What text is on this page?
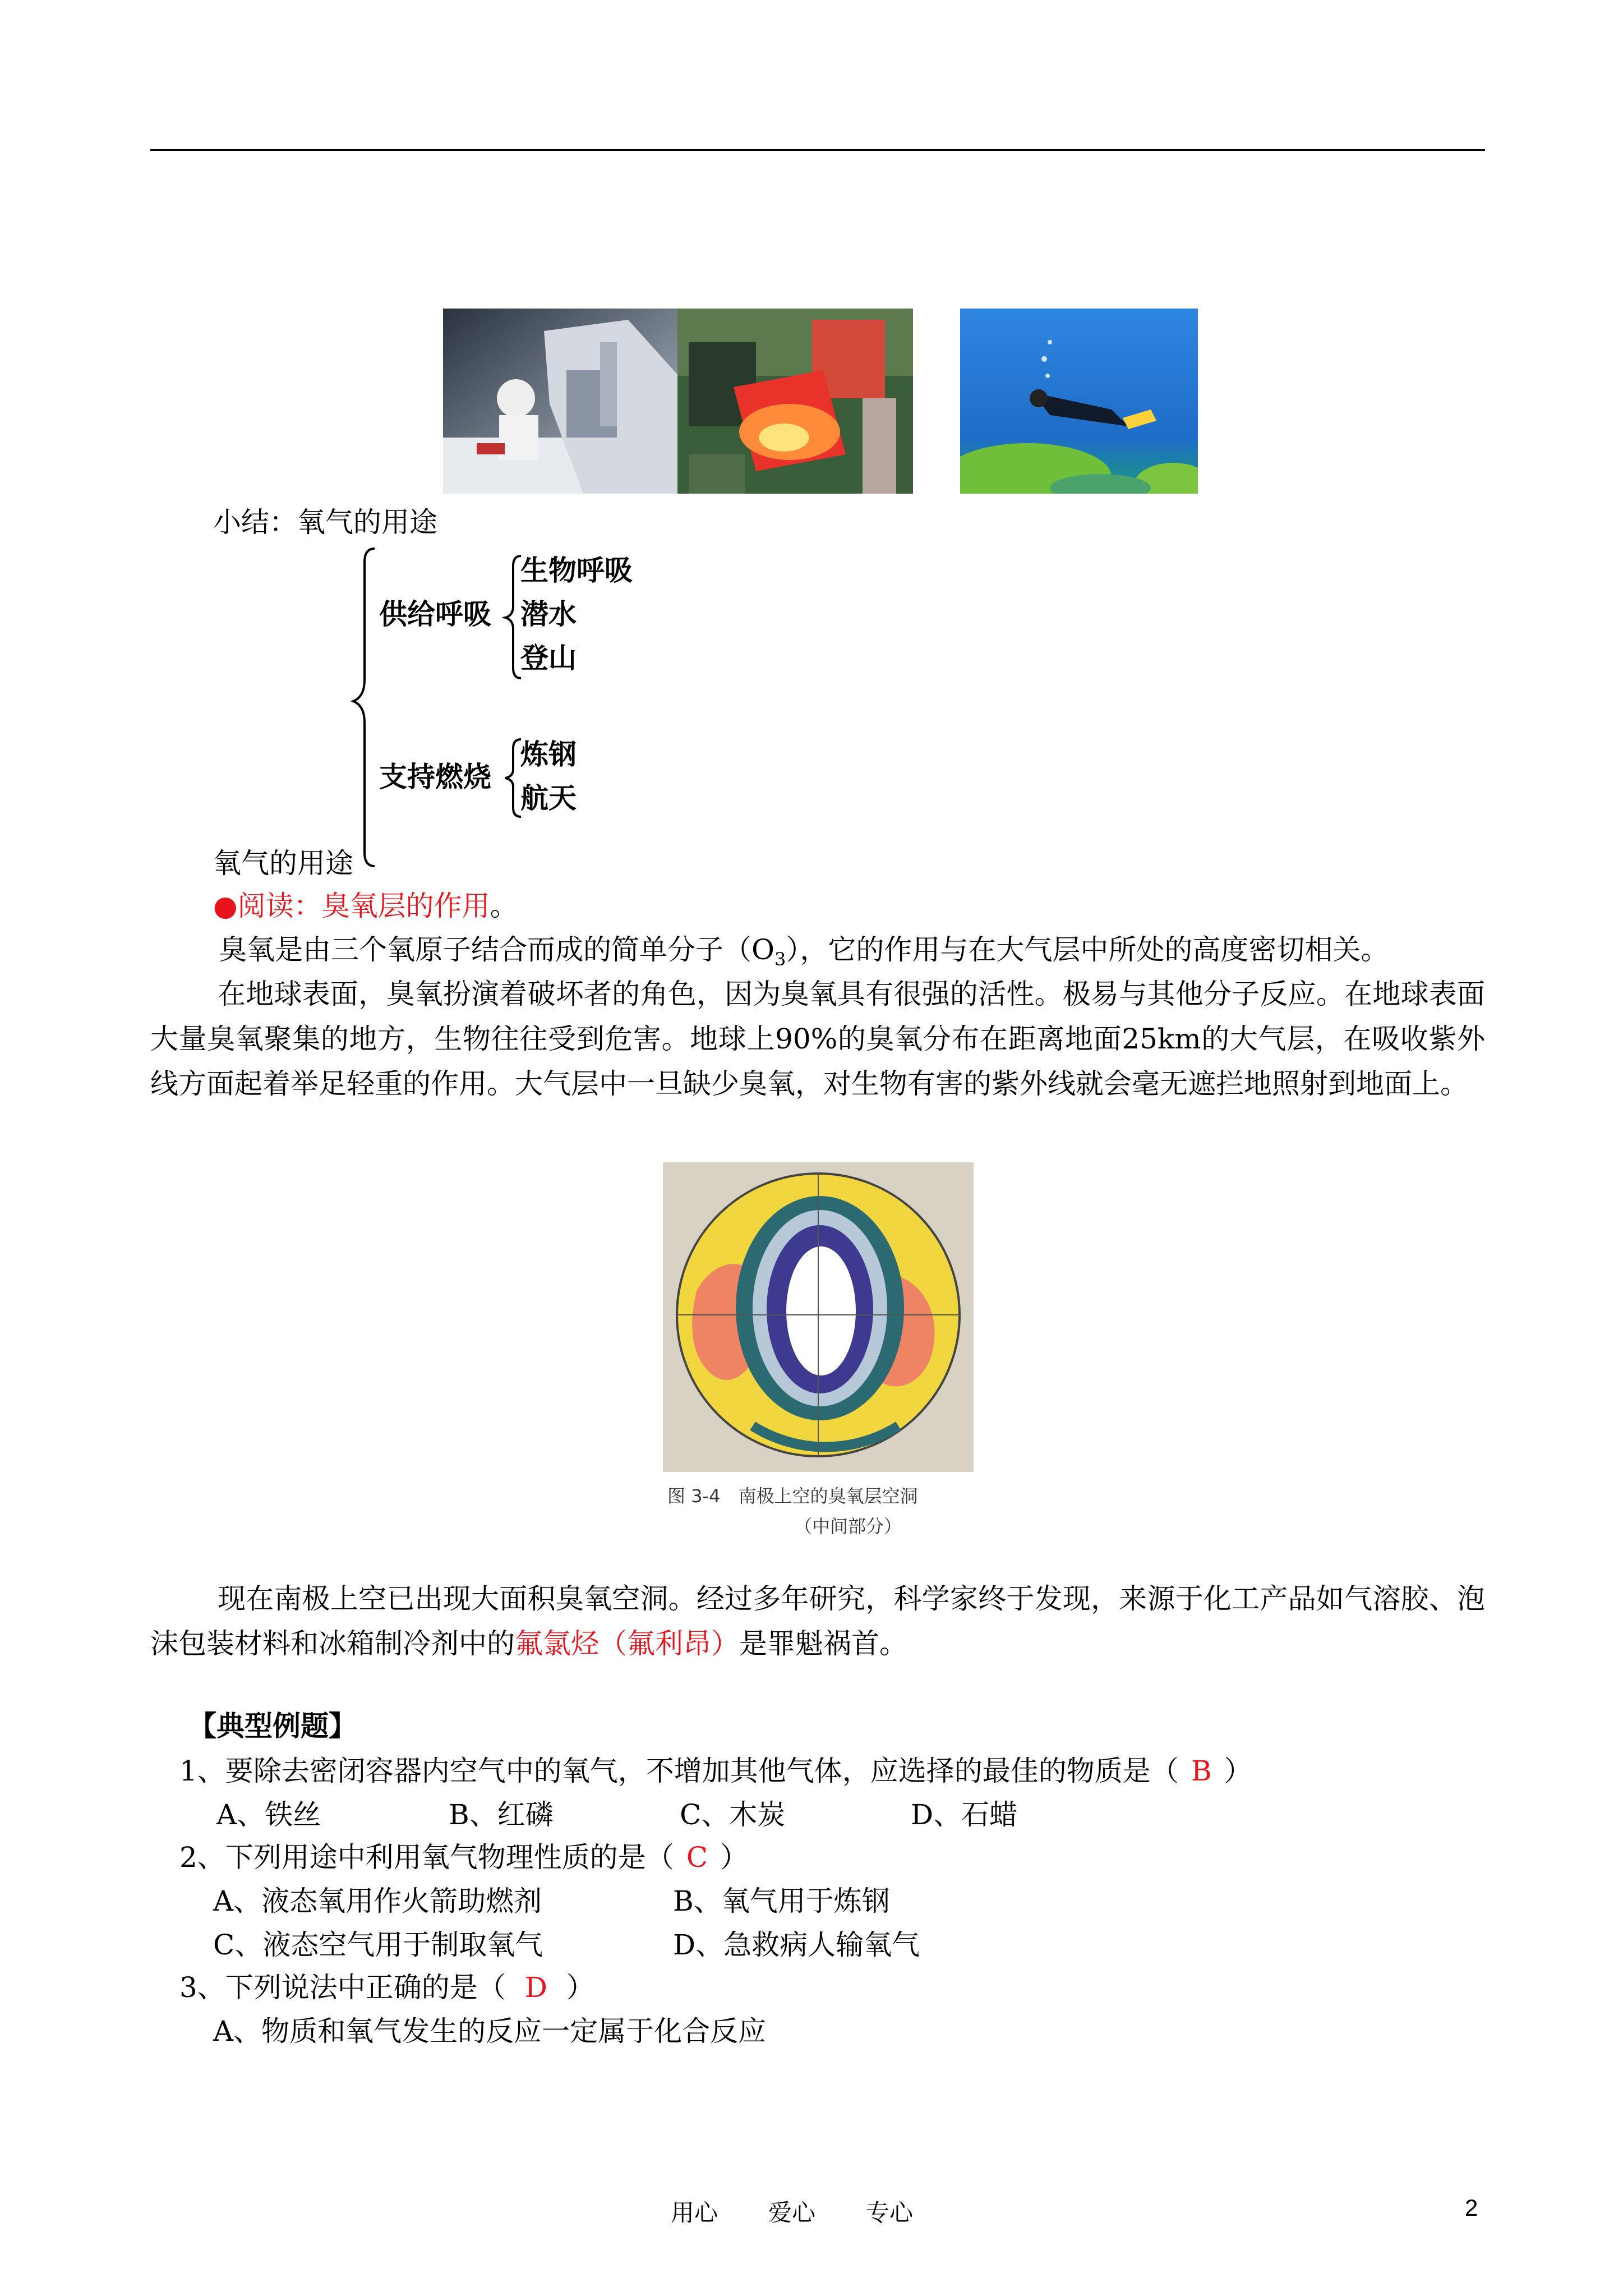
小结：氧气的用途
供给呼吸
生物呼吸
潜水
登山
支持燃烧
炼钢
航天
氧气的用途
●阅读：臭氧层的作用。
臭氧是由三个氧原子结合而成的简单分子$(O_3)$，它的作用与在大气层中所处的高度密切相关。
在地球表面，臭氧扮演着破坏者的角色，因为臭氧具有很强的活性。极易与其他分子反应。在地球表面大量臭氧聚集的地方，生物往往受到危害。地球上90%的臭氧分布在距离地面25km的大气层，在吸收紫外线方面起着举足轻重的作用。大气层中一旦缺少臭氧，对生物有害的紫外线就会毫无遮拦地照射到地面上。
图 3-4　南极上空的臭氧层空洞
（中间部分）
现在南极上空已出现大面积臭氧空洞。经过多年研究，科学家终于发现，来源于化工产品如气溶胶、泡沫包装材料和冰箱制冷剂中的氟氯烃（氟利昂）是罪魁祸首。
【典型例题】
1、要除去密闭容器内空气中的氧气，不增加其他气体，应选择的最佳的物质是（ B ）
A、铁丝	B、红磷	C、木炭	D、石蜡
2、下列用途中利用氧气物理性质的是（ C ）
A、液态氧用作火箭助燃剂	B、氧气用于炼钢
C、液态空气用于制取氧气	D、急救病人输氧气
3、下列说法中正确的是（ D ）
A、物质和氧气发生的反应一定属于化合反应
用心 爱心 专心	2
